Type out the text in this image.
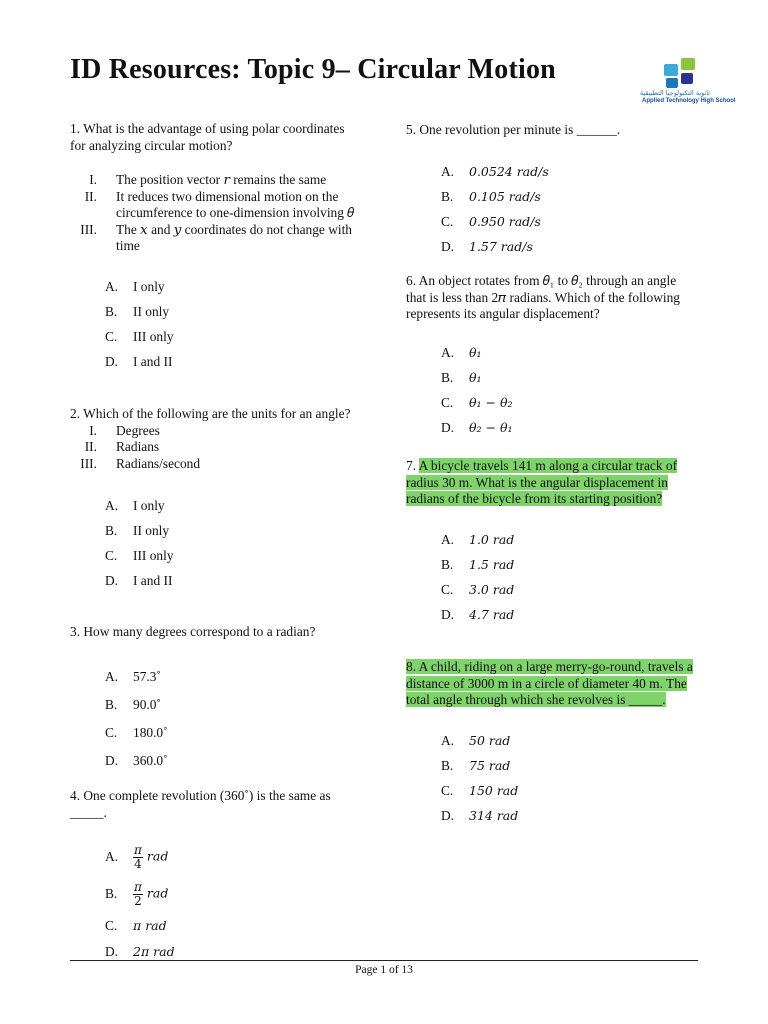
ID Resources: Topic 9– Circular Motion
ثانوية التكنولوجيا التطبيقية
Applied Technology High School

1. What is the advantage of using polar coordinates for analyzing circular motion?

I. The position vector 𝑟 remains the same
II. It reduces two dimensional motion on the circumference to one-dimension involving 𝜃
III. The 𝑥 and 𝑦 coordinates do not change with time
A.	I only
B.	II only
C.	III only
D.	I and II

2. Which of the following are the units for an angle?

I. Degrees
II. Radians
III. Radians/second
A.	I only
B.	II only
C.	III only
D.	I and II

3. How many degrees correspond to a radian?

A.	57.3˚
B.	90.0˚
C.	180.0˚
D.	360.0˚

4. One complete revolution (360˚) is the same as _____.

A.	$\frac{\pi}{4}$ rad
B.	$\frac{\pi}{2}$ rad
C.	π rad
D.	2π rad

5. One revolution per minute is ______.

A.	0.0524 rad/s
B.	0.105 rad/s
C.	0.950 rad/s
D.	1.57 rad/s

6. An object rotates from 𝜃₁ to 𝜃₂ through an angle that is less than 2𝜋 radians. Which of the following represents its angular displacement?

A.	𝜃₁
B.	𝜃₁
C.	𝜃₁ − 𝜃₂
D.	𝜃₂ − 𝜃₁

7. A bicycle travels 141 m along a circular track of radius 30 m. What is the angular displacement in radians of the bicycle from its starting position?

A.	1.0 rad
B.	1.5 rad
C.	3.0 rad
D.	4.7 rad

8. A child, riding on a large merry-go-round, travels a distance of 3000 m in a circle of diameter 40 m. The total angle through which she revolves is _____.

A.	50 rad
B.	75 rad
C.	150 rad
D.	314 rad
Page 1 of 13
